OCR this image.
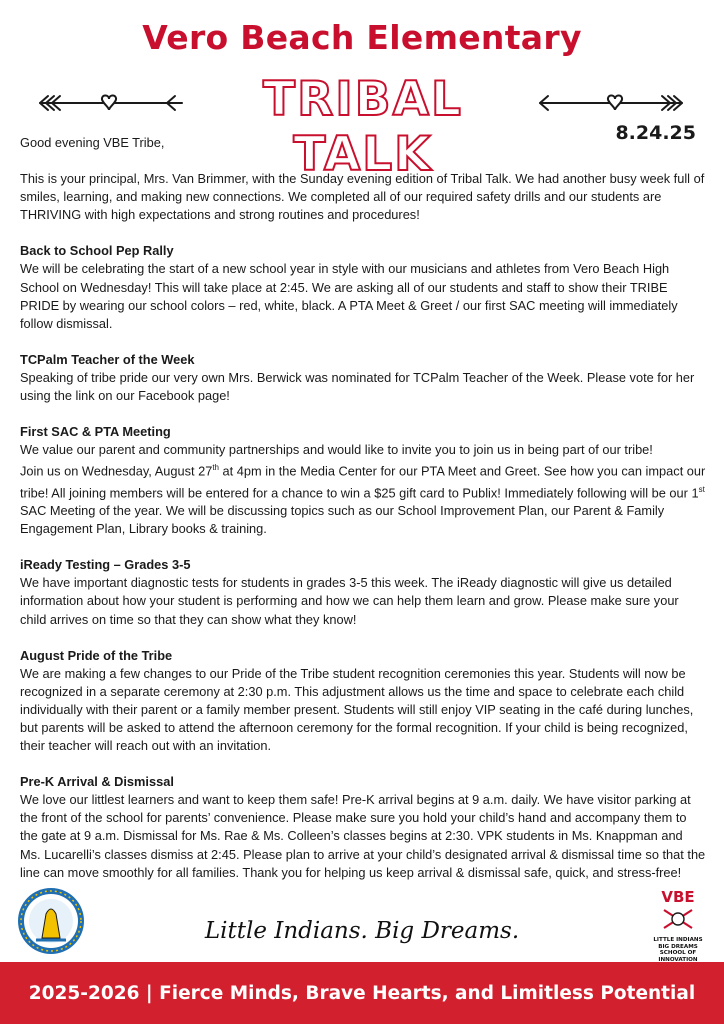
Vero Beach Elementary
TRIBAL TALK	8.24.25

Good evening VBE Tribe,

This is your principal, Mrs. Van Brimmer, with the Sunday evening edition of Tribal Talk. We had another busy week full of smiles, learning, and making new connections. We completed all of our required safety drills and our students are THRIVING with high expectations and strong routines and procedures!

Back to School Pep Rally
We will be celebrating the start of a new school year in style with our musicians and athletes from Vero Beach High School on Wednesday! This will take place at 2:45. We are asking all of our students and staff to show their TRIBE PRIDE by wearing our school colors – red, white, black. A PTA Meet & Greet / our first SAC meeting will immediately follow dismissal.
TCPalm Teacher of the Week
Speaking of tribe pride our very own Mrs. Berwick was nominated for TCPalm Teacher of the Week. Please vote for her using the link on our Facebook page!
First SAC & PTA Meeting
We value our parent and community partnerships and would like to invite you to join us in being part of our tribe!
Join us on Wednesday, August 27th at 4pm in the Media Center for our PTA Meet and Greet. See how you can impact our tribe! All joining members will be entered for a chance to win a $25 gift card to Publix! Immediately following will be our 1st SAC Meeting of the year. We will be discussing topics such as our School Improvement Plan, our Parent & Family Engagement Plan, Library books & training.
iReady Testing – Grades 3-5
We have important diagnostic tests for students in grades 3-5 this week. The iReady diagnostic will give us detailed information about how your student is performing and how we can help them learn and grow. Please make sure your child arrives on time so that they can show what they know!
August Pride of the Tribe
We are making a few changes to our Pride of the Tribe student recognition ceremonies this year. Students will now be recognized in a separate ceremony at 2:30 p.m. This adjustment allows us the time and space to celebrate each child individually with their parent or a family member present. Students will still enjoy VIP seating in the café during lunches, but parents will be asked to attend the afternoon ceremony for the formal recognition. If your child is being recognized, their teacher will reach out with an invitation.
Pre-K Arrival & Dismissal
We love our littlest learners and want to keep them safe! Pre-K arrival begins at 9 a.m. daily. We have visitor parking at the front of the school for parents’ convenience. Please make sure you hold your child’s hand and accompany them to the gate at 9 a.m. Dismissal for Ms. Rae & Ms. Colleen’s classes begins at 2:30. VPK students in Ms. Knappman and Ms. Lucarelli’s classes dismiss at 2:45. Please plan to arrive at your child’s designated arrival & dismissal time so that the line can move smoothly for all families. Thank you for helping us keep arrival & dismissal safe, quick, and stress-free!
Little Indians. Big Dreams.
VBE
LITTLE INDIANS
BIG DREAMS
SCHOOL OF INNOVATION
2025-2026 | Fierce Minds, Brave Hearts, and Limitless Potential
